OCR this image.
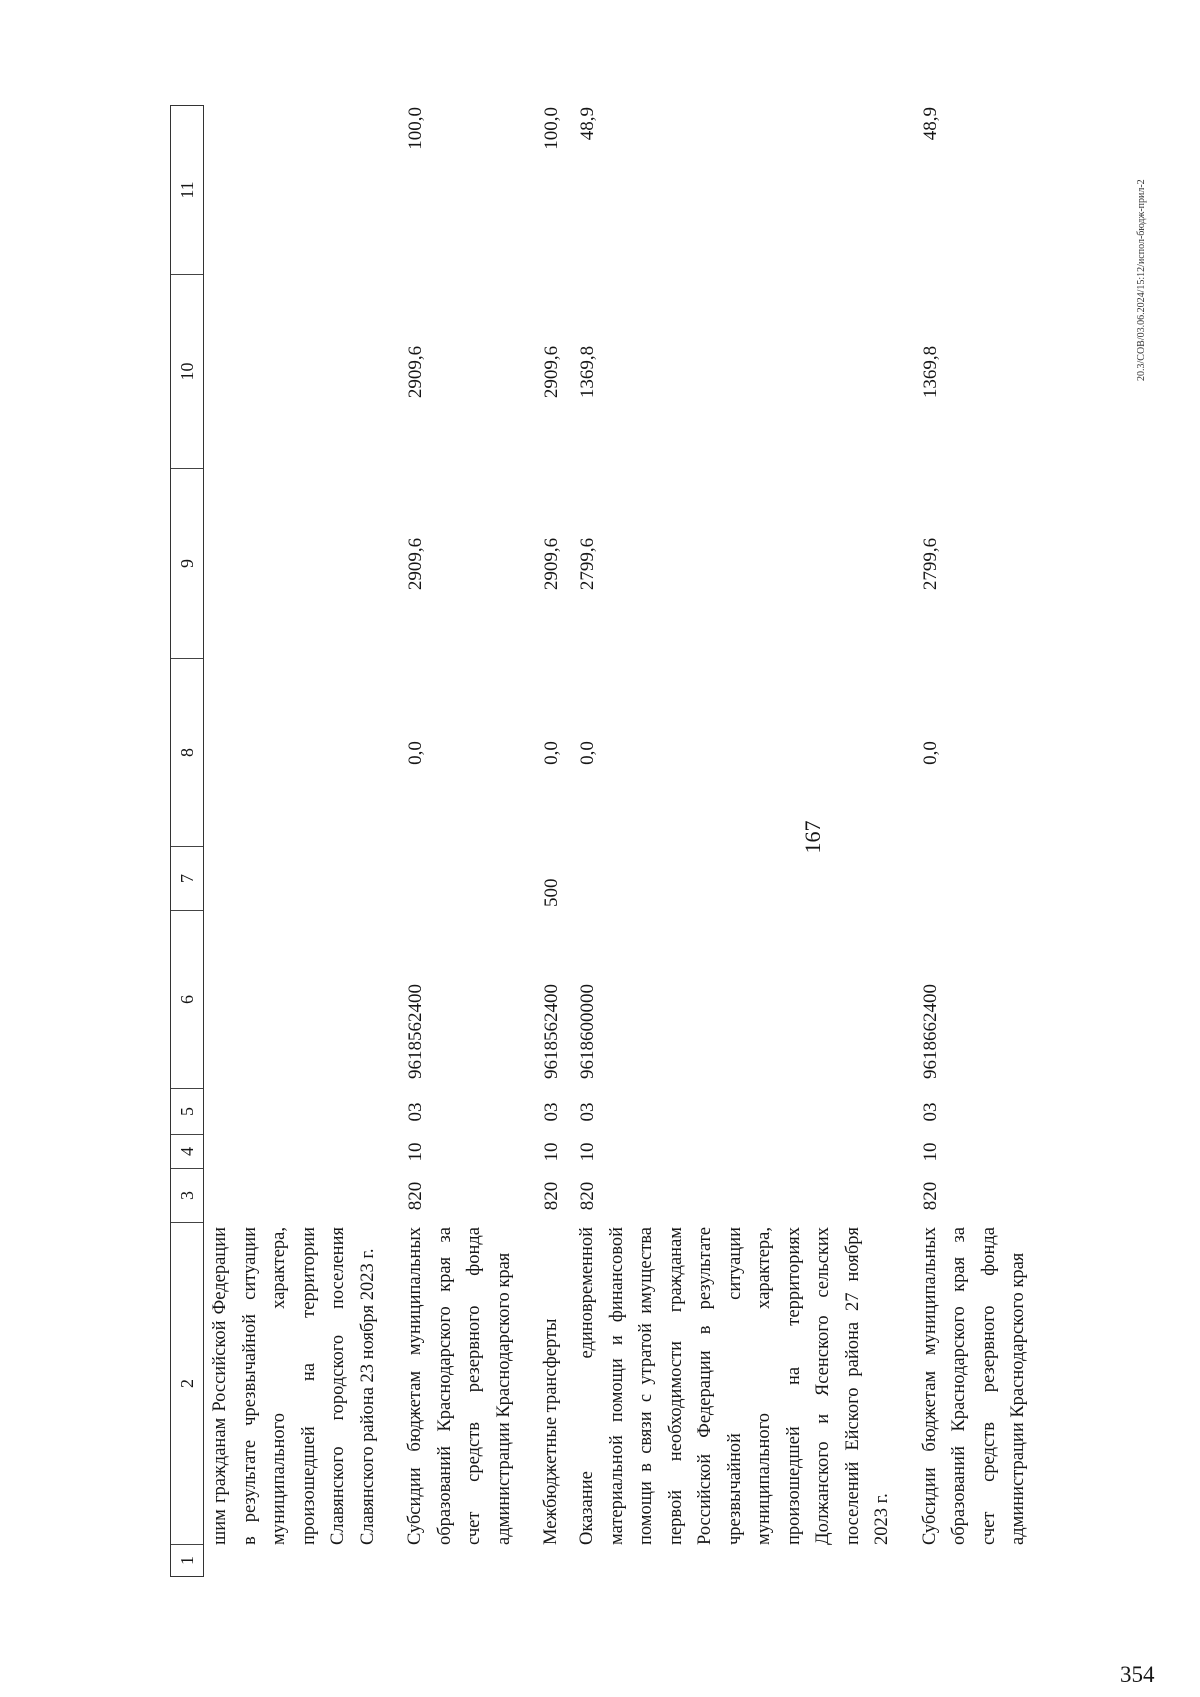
167
1
2
3
4
5
6
7
8
9
10
11
шим гражданам Российской Федерации в результате чрезвычайной ситуации муниципального характера, произошедшей на территории Славянского городского поселения Славянского района 23 ноября 2023 г. Субсидии бюджетам муниципальных образований Краснодарского края за счет средств резервного фонда администрации Краснодарского края
820
10
03
9618562400
0,0
2909,6
2909,6
100,0
Межбюджетные трансферты
820
10
03
9618562400
500
0,0
2909,6
2909,6
100,0
Оказание единовременной материальной помощи и финансовой помощи в связи с утратой имущества первой необходимости гражданам Российской Федерации в результате чрезвычайной ситуации муниципального характера, произошедшей на территориях Должанского и Ясенского сельских поселений Ейского района 27 ноября 2023 г.
820
10
03
9618600000
0,0
2799,6
1369,8
48,9
Субсидии бюджетам муниципальных образований Краснодарского края за счет средств резервного фонда администрации Краснодарского края
820
10
03
9618662400
0,0
2799,6
1369,8
48,9
20.3/СОВ/03.06.2024/15:12/испол-бюдж-прил-2
354
